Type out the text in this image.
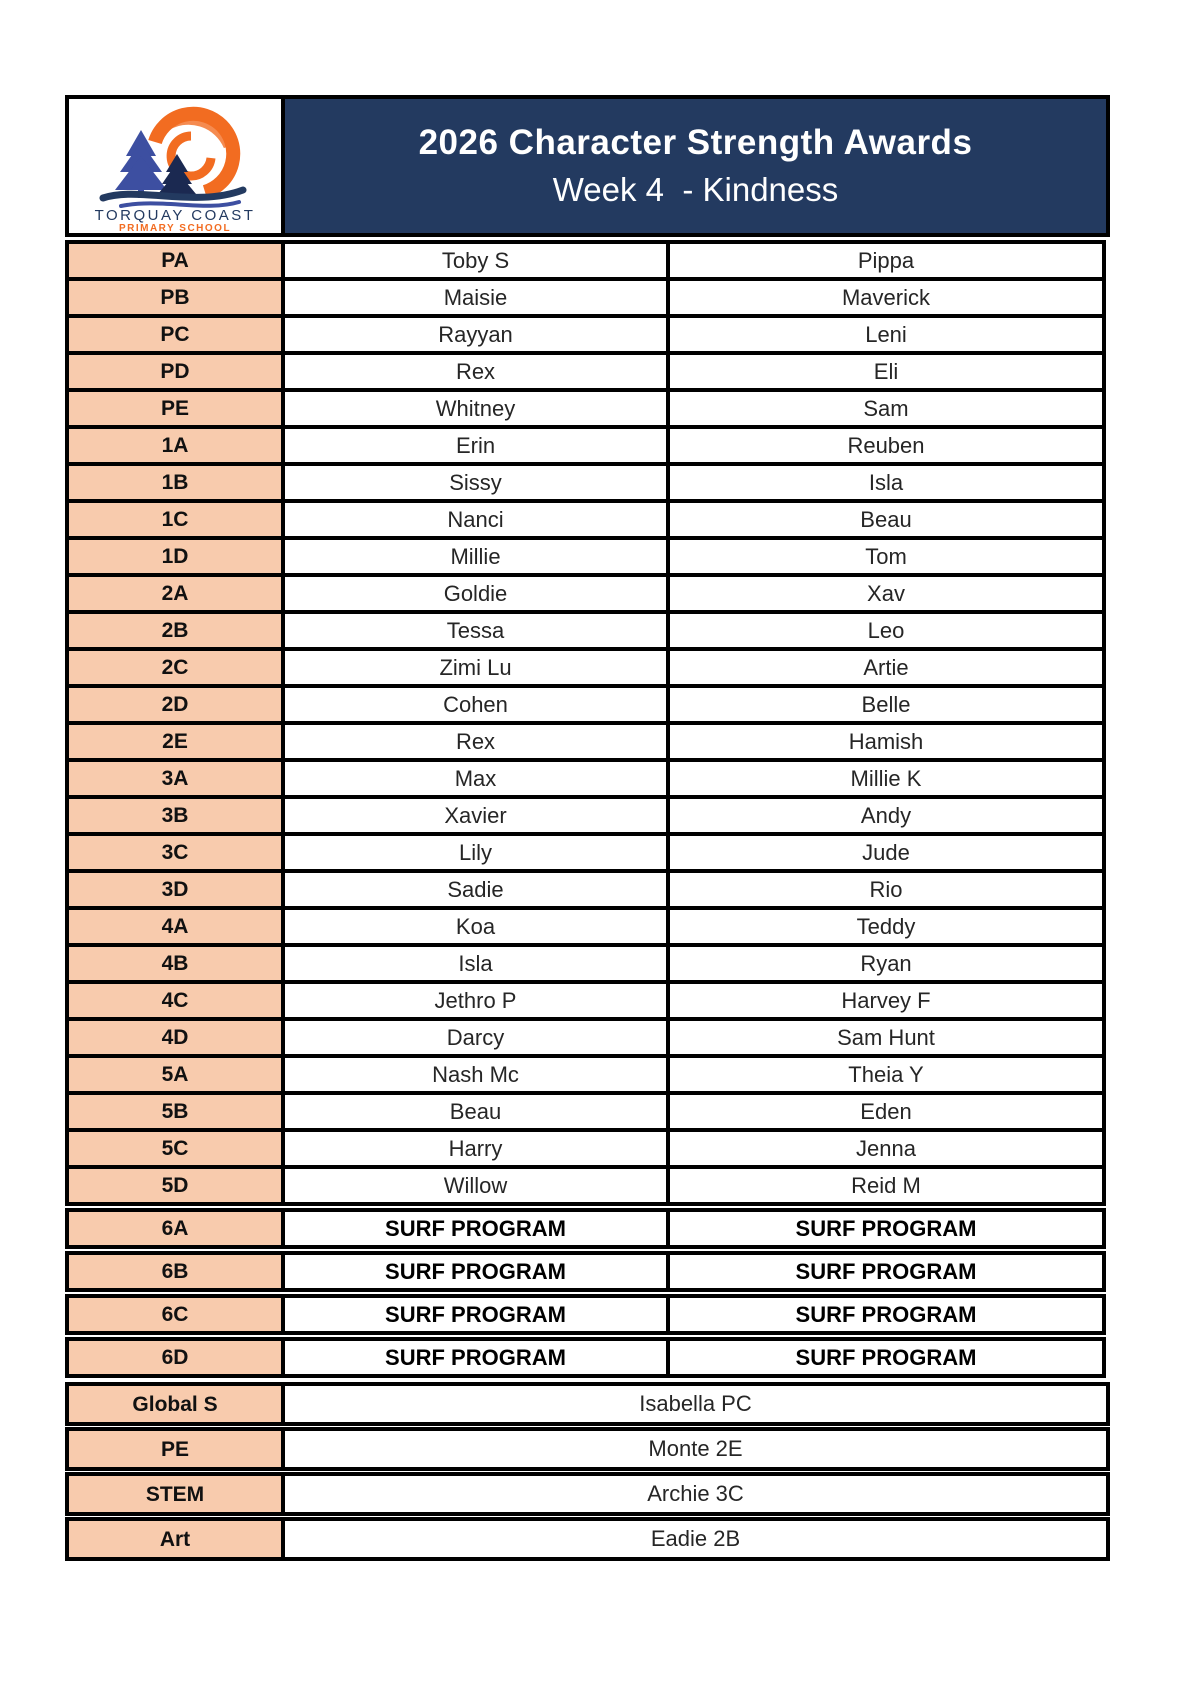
TORQUAY COAST
PRIMARY SCHOOL
2026 Character Strength Awards
Week 4  - Kindness
PA	Toby S	Pippa
PB	Maisie	Maverick
PC	Rayyan	Leni
PD	Rex	Eli
PE	Whitney	Sam
1A	Erin	Reuben
1B	Sissy	Isla
1C	Nanci	Beau
1D	Millie	Tom
2A	Goldie	Xav
2B	Tessa	Leo
2C	Zimi Lu	Artie
2D	Cohen	Belle
2E	Rex	Hamish
3A	Max	Millie K
3B	Xavier	Andy
3C	Lily	Jude
3D	Sadie	Rio
4A	Koa	Teddy
4B	Isla	Ryan
4C	Jethro P	Harvey F
4D	Darcy	Sam Hunt
5A	Nash Mc	Theia Y
5B	Beau	Eden
5C	Harry	Jenna
5D	Willow	Reid M
6A	SURF PROGRAM	SURF PROGRAM
6B	SURF PROGRAM	SURF PROGRAM
6C	SURF PROGRAM	SURF PROGRAM
6D	SURF PROGRAM	SURF PROGRAM
Global S	Isabella PC
PE	Monte 2E
STEM	Archie 3C
Art	Eadie 2B
